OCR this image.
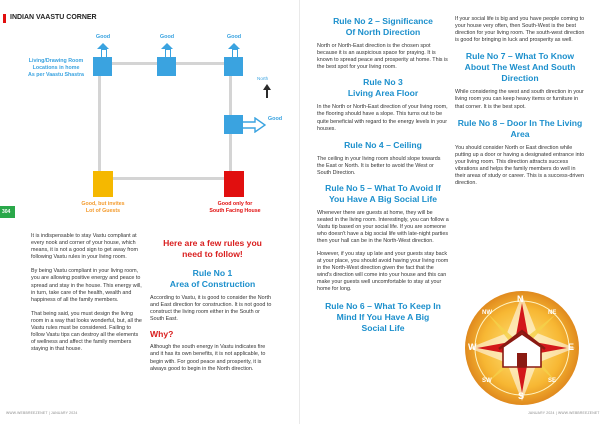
INDIAN VAASTU CORNER
Good	Good	Good
Good
Living/Drawing Room
Locations in home
As per Vaastu Shastra
North
Good, but invites
Lot of Guests
Good only for
South Facing House
304

It is indispensable to stay Vastu compliant at every nook and corner of your house, which means, it is not a good sign to get away from following Vastu rules in your living room.

By being Vastu compliant in your living room, you are allowing positive energy and peace to spread and stay in the house. This energy will, in turn, take care of the health, wealth and happiness of all the family members.

That being said, you must design the living room in a way that looks wonderful, but, all the Vastu rules must be considered. Failing to follow Vastu tips can destroy all the elements of wellness and affect the family members staying in that house.

Here are a few rules you
need to follow!
Rule No 1
Area of Construction

According to Vastu, it is good to consider the North and East direction for construction. It is not good to construct the living room either in the South or South East.

Why?

Although the south energy in Vastu indicates fire and it has its own benefits, it is not applicable, to begin with. For good peace and prosperity, it is always good to begin in the North direction.

WWW.WEBBREEZENET | JANUARY 2024
Rule No 2 – Significance
Of North Direction

North or North-East direction is the chosen spot because it is an auspicious space for praying. It is known to spread peace and prosperity at home. This is the best spot for your living room.

Rule No 3
Living Area Floor

In the North or North-East direction of your living room, the flooring should have a slope. This turns out to be quite beneficial with regard to the energy levels in your houses.

Rule No 4 – Ceiling

The ceiling in your living room should slope towards the East or North. It is better to avoid the West or South Direction.

Rule No 5 – What To Avoid If
You Have A Big Social Life

Whenever there are guests at home, they will be seated in the living room. Interestingly, you can follow a Vastu tip based on your social life. If you are someone who doesn't have a big social life with late-night parties then your hall can be in the North-West direction.

However, if you stay up late and your guests stay back at your place, you should avoid having your living room in the North-West direction given the fact that the wind's direction will come into your house and this can make your guests well uncomfortable to stay at your home for long.

Rule No 6 – What To Keep In
Mind If You Have A Big
Social Life

If your social life is big and you have people coming to your house very often, then South-West is the best direction for your living room. The south-west direction is good for bringing in luck and prosperity as well.

Rule No 7 – What To Know
About The West And South
Direction

While considering the west and south direction in your living room you can keep heavy items or furniture in that corner. It is the best spot.

Rule No 8 – Door In The Living
Area

You should consider North or East direction while putting up a door or having a designated entrance into your living room. This direction attracts success vibrations and helps the family members do well in their areas of study or career. This is a success-driven direction.

N
S
E
W
NE
NW
SE
SW
JANUARY 2024 | WWW.WEBBREEZENET
